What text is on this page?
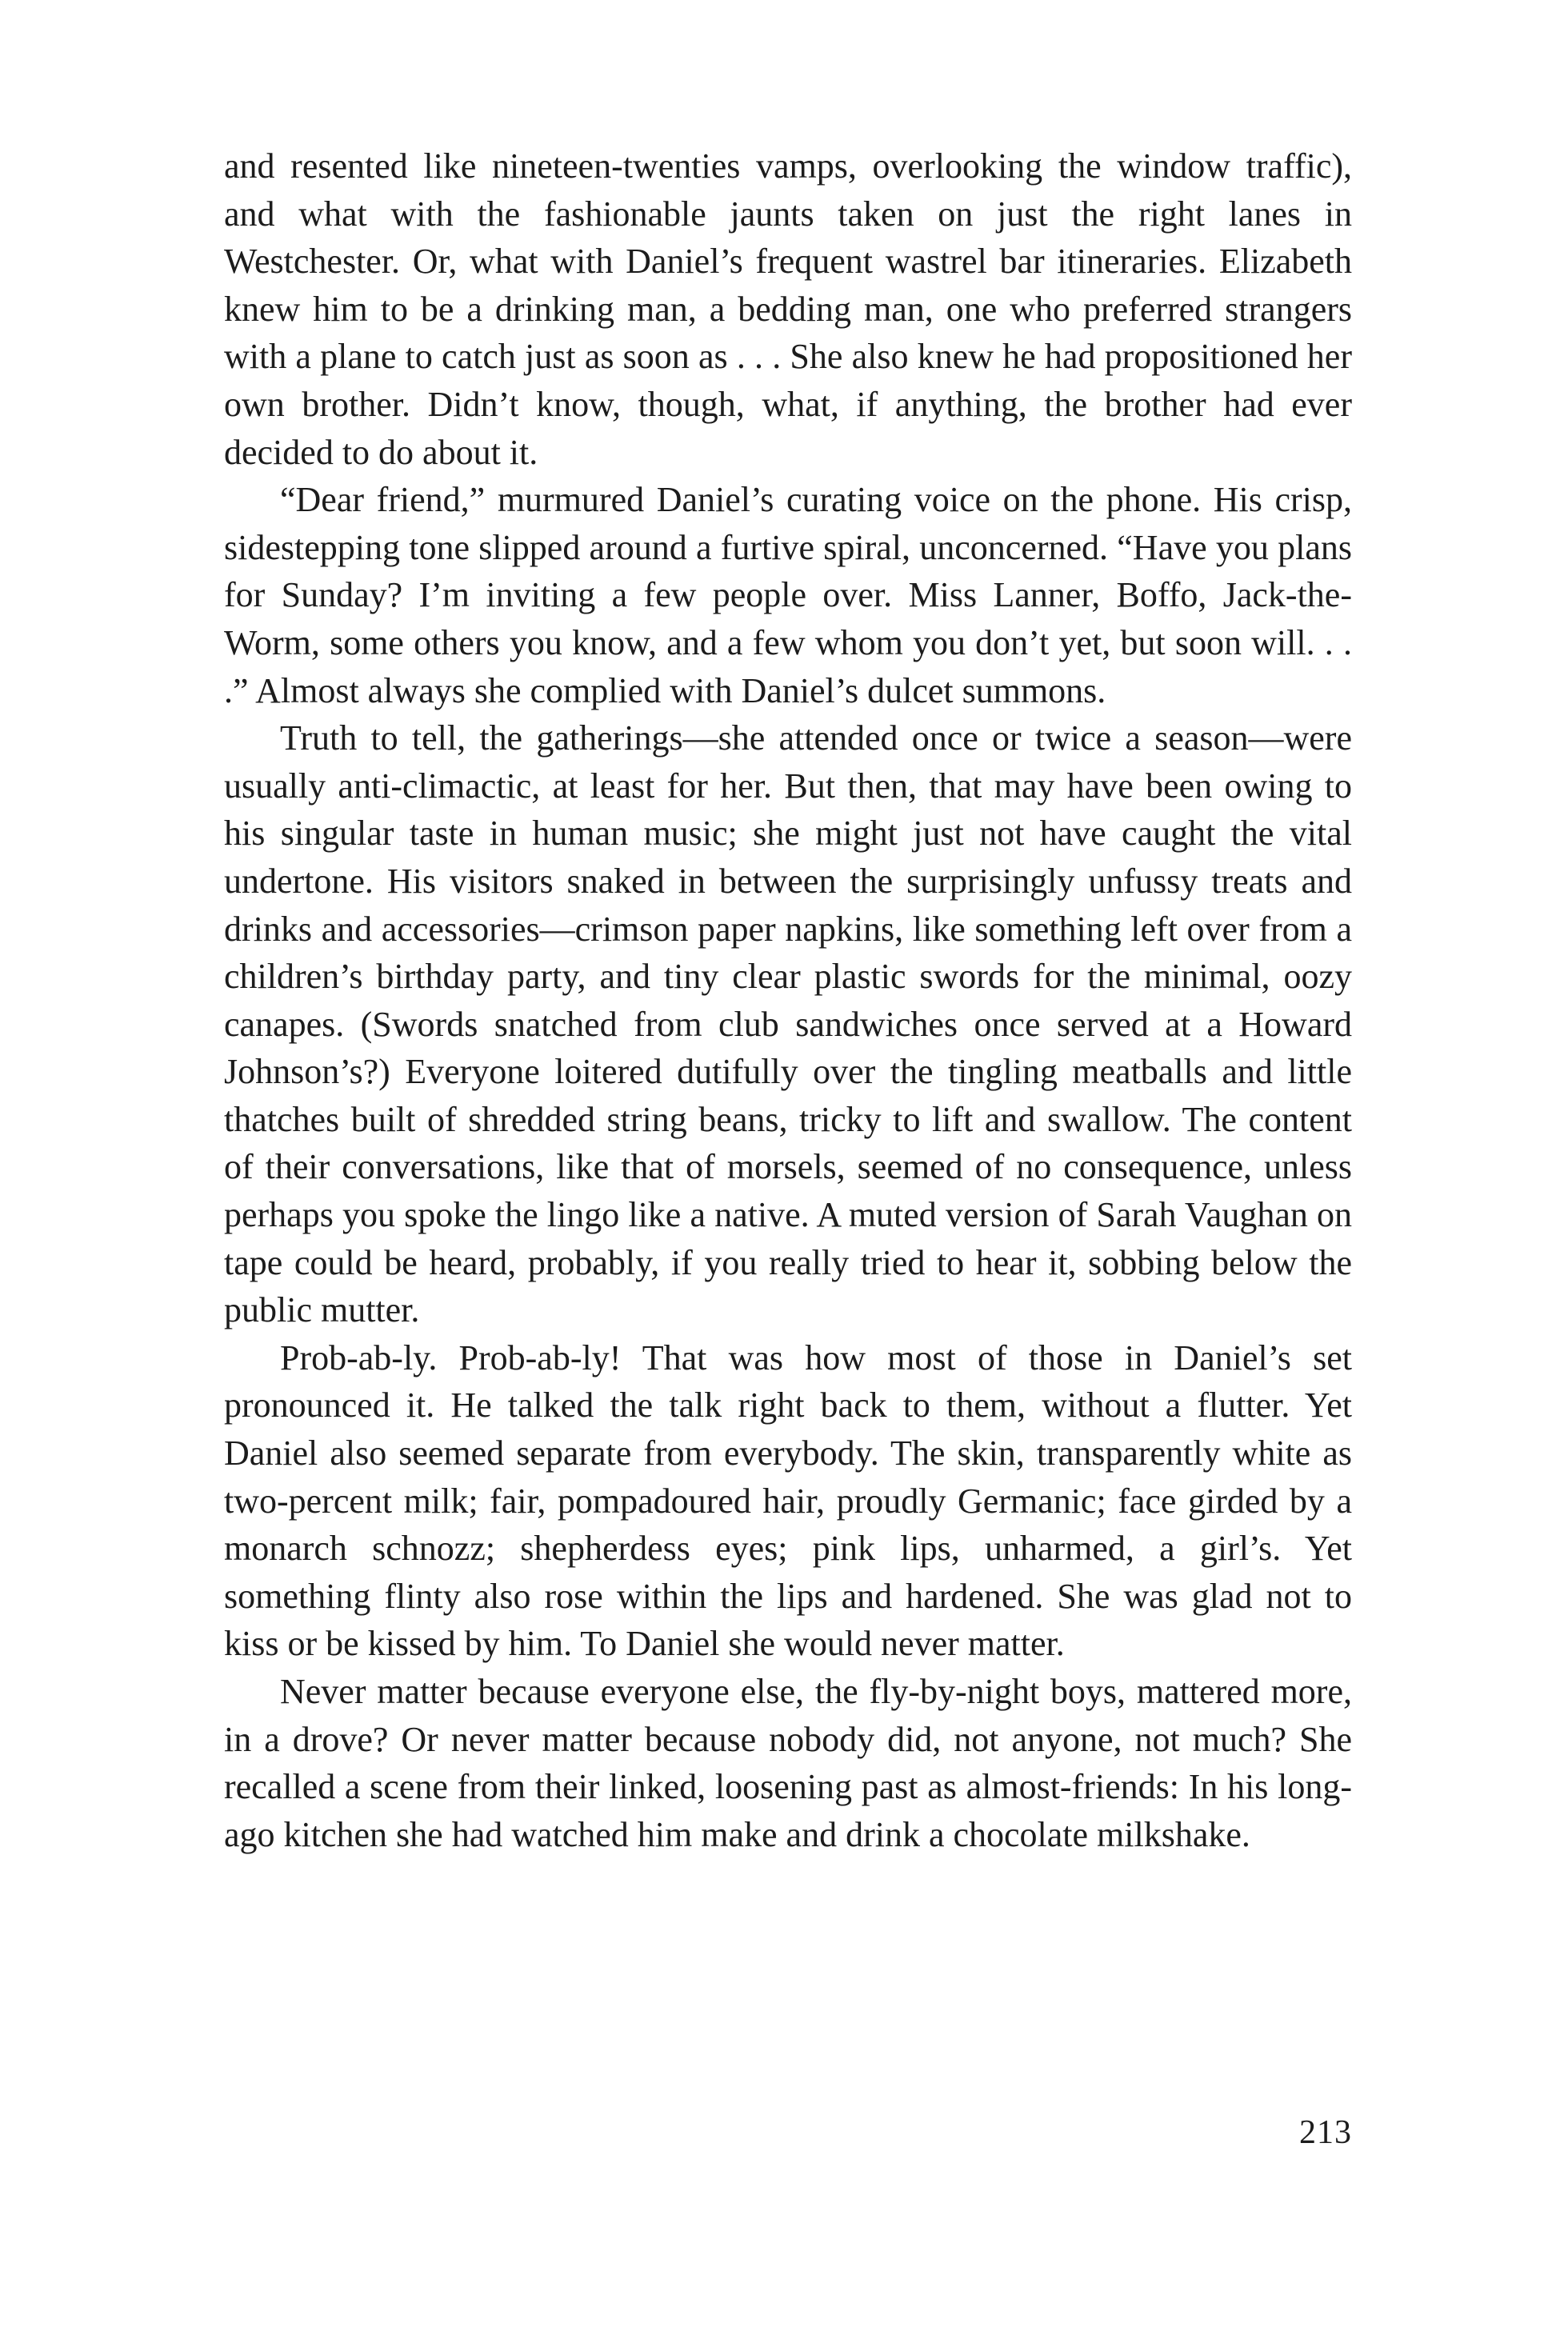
and resented like nineteen-twenties vamps, overlooking the window traffic), and what with the fashionable jaunts taken on just the right lanes in Westchester. Or, what with Daniel’s frequent wastrel bar itineraries. Elizabeth knew him to be a drinking man, a bedding man, one who preferred strangers with a plane to catch just as soon as . . . She also knew he had propositioned her own brother. Didn’t know, though, what, if anything, the brother had ever decided to do about it.

“Dear friend,” murmured Daniel’s curating voice on the phone. His crisp, sidestepping tone slipped around a furtive spiral, unconcerned. “Have you plans for Sunday? I’m inviting a few people over. Miss Lanner, Boffo, Jack-the-Worm, some others you know, and a few whom you don’t yet, but soon will. . . .” Almost always she complied with Daniel’s dulcet summons.

Truth to tell, the gatherings—she attended once or twice a season—were usually anti-climactic, at least for her. But then, that may have been owing to his singular taste in human music; she might just not have caught the vital undertone. His visitors snaked in between the surprisingly unfussy treats and drinks and accessories—crimson paper napkins, like something left over from a children’s birthday party, and tiny clear plastic swords for the minimal, oozy canapes. (Swords snatched from club sandwiches once served at a Howard Johnson’s?) Everyone loitered dutifully over the tingling meatballs and little thatches built of shredded string beans, tricky to lift and swallow. The content of their conversations, like that of morsels, seemed of no consequence, unless perhaps you spoke the lingo like a native. A muted version of Sarah Vaughan on tape could be heard, probably, if you really tried to hear it, sobbing below the public mutter.

Prob-ab-ly. Prob-ab-ly! That was how most of those in Daniel’s set pronounced it. He talked the talk right back to them, without a flutter. Yet Daniel also seemed separate from everybody. The skin, transparently white as two-percent milk; fair, pompadoured hair, proudly Germanic; face girded by a monarch schnozz; shepherdess eyes; pink lips, unharmed, a girl’s. Yet something flinty also rose within the lips and hardened. She was glad not to kiss or be kissed by him. To Daniel she would never matter.

Never matter because everyone else, the fly-by-night boys, mattered more, in a drove? Or never matter because nobody did, not anyone, not much? She recalled a scene from their linked, loosening past as almost-friends: In his long-ago kitchen she had watched him make and drink a chocolate milkshake.

213
